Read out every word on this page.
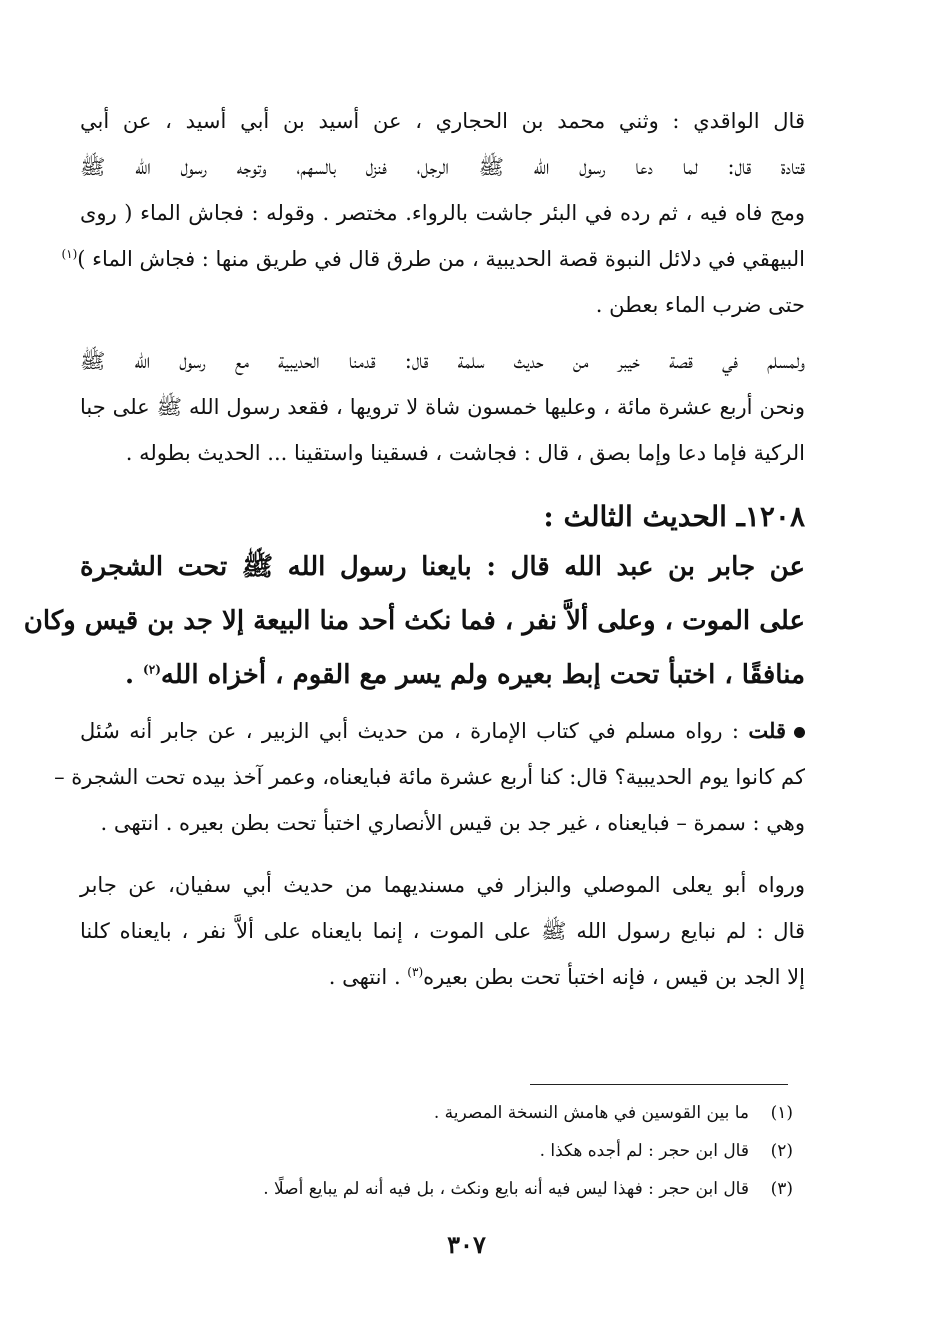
قال الواقدي : وثني محمد بن الحجاري ، عن أسيد بن أبي أسيد ، عن أبي
قتادة قال: لما دعا رسول الله ﷺ الرجل، فنزل بالسهم، وتوجه رسول الله ﷺ
ومج فاه فيه ، ثم رده في البئر جاشت بالرواء. مختصر . وقوله : فجاش الماء ( روى
البيهقي في دلائل النبوة قصة الحديبية ، من طرق قال في طريق منها : فجاش الماء )$^{(١)}$
حتى ضرب الماء بعطن .
ولمسلم في قصة خيبر من حديث سلمة قال: قدمنا الحديبية مع رسول الله ﷺ
ونحن أربع عشرة مائة ، وعليها خمسون شاة لا ترويها ، فقعد رسول الله ﷺ على جبا
الركية فإما دعا وإما بصق ، قال : فجاشت ، فسقينا واستقينا ... الحديث بطوله .
١٢٠٨ـ الحديث الثالث :
عن جابر بن عبد الله قال : بايعنا رسول الله ﷺ تحت الشجرة
على الموت ، وعلى ألاَّ نفر ، فما نكث أحد منا البيعة إلا جد بن قيس وكان
منافقًا ، اختبأ تحت إبط بعيره ولم يسر مع القوم ، أخزاه الله$^{(٢)}$ .
قلت : رواه مسلم في كتاب الإمارة ، من حديث أبي الزبير ، عن جابر أنه سُئل
كم كانوا يوم الحديبية؟ قال: كنا أربع عشرة مائة فبايعناه، وعمر آخذ بيده تحت الشجرة –
وهي : سمرة – فبايعناه ، غير جد بن قيس الأنصاري اختبأ تحت بطن بعيره . انتهى .
ورواه أبو يعلى الموصلي والبزار في مسنديهما من حديث أبي سفيان، عن جابر
قال : لم نبايع رسول الله ﷺ على الموت ، إنما بايعناه على ألاَّ نفر ، بايعناه كلنا
إلا الجد بن قيس ، فإنه اختبأ تحت بطن بعيره$^{(٣)}$ . انتهى .
(١)ما بين القوسين في هامش النسخة المصرية .
(٢)قال ابن حجر : لم أجده هكذا .
(٣)قال ابن حجر : فهذا ليس فيه أنه بايع ونكث ، بل فيه أنه لم يبايع أصلًا .
٣٠٧
